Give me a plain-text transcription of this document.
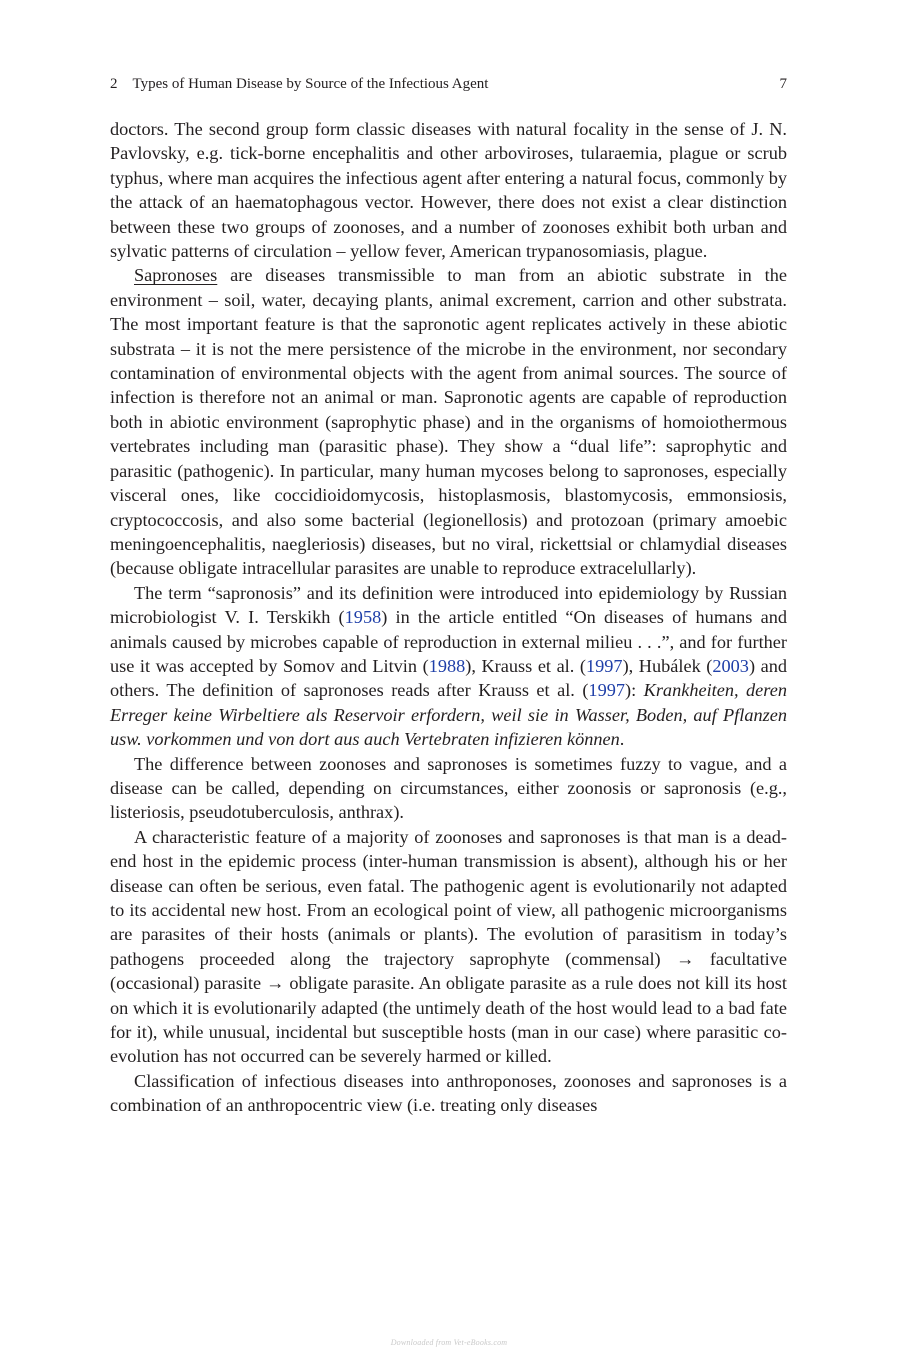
2 Types of Human Disease by Source of the Infectious Agent	7

doctors. The second group form classic diseases with natural focality in the sense of J. N. Pavlovsky, e.g. tick-borne encephalitis and other arboviroses, tularaemia, plague or scrub typhus, where man acquires the infectious agent after entering a natural focus, commonly by the attack of an haematophagous vector. However, there does not exist a clear distinction between these two groups of zoonoses, and a number of zoonoses exhibit both urban and sylvatic patterns of circulation – yellow fever, American trypanosomiasis, plague.

Sapronoses are diseases transmissible to man from an abiotic substrate in the environment – soil, water, decaying plants, animal excrement, carrion and other substrata. The most important feature is that the sapronotic agent replicates actively in these abiotic substrata – it is not the mere persistence of the microbe in the environment, nor secondary contamination of environmental objects with the agent from animal sources. The source of infection is therefore not an animal or man. Sapronotic agents are capable of reproduction both in abiotic environment (saprophytic phase) and in the organisms of homoiothermous vertebrates including man (parasitic phase). They show a “dual life”: saprophytic and parasitic (pathogenic). In particular, many human mycoses belong to sapronoses, especially visceral ones, like coccidioidomycosis, histoplasmosis, blastomycosis, emmonsiosis, cryptococcosis, and also some bacterial (legionellosis) and protozoan (primary amoebic meningoencephalitis, naegleriosis) diseases, but no viral, rickettsial or chlamydial diseases (because obligate intracellular parasites are unable to reproduce extracelullarly).

The term “sapronosis” and its definition were introduced into epidemiology by Russian microbiologist V. I. Terskikh (1958) in the article entitled “On diseases of humans and animals caused by microbes capable of reproduction in external milieu . . .”, and for further use it was accepted by Somov and Litvin (1988), Krauss et al. (1997), Hubálek (2003) and others. The definition of sapronoses reads after Krauss et al. (1997): Krankheiten, deren Erreger keine Wirbeltiere als Reservoir erfordern, weil sie in Wasser, Boden, auf Pflanzen usw. vorkommen und von dort aus auch Vertebraten infizieren können.

The difference between zoonoses and sapronoses is sometimes fuzzy to vague, and a disease can be called, depending on circumstances, either zoonosis or sapronosis (e.g., listeriosis, pseudotuberculosis, anthrax).

A characteristic feature of a majority of zoonoses and sapronoses is that man is a dead-end host in the epidemic process (inter-human transmission is absent), although his or her disease can often be serious, even fatal. The pathogenic agent is evolutionarily not adapted to its accidental new host. From an ecological point of view, all pathogenic microorganisms are parasites of their hosts (animals or plants). The evolution of parasitism in today’s pathogens proceeded along the trajectory saprophyte (commensal) → facultative (occasional) parasite → obligate parasite. An obligate parasite as a rule does not kill its host on which it is evolutionarily adapted (the untimely death of the host would lead to a bad fate for it), while unusual, incidental but susceptible hosts (man in our case) where parasitic co-evolution has not occurred can be severely harmed or killed.

Classification of infectious diseases into anthroponoses, zoonoses and sapronoses is a combination of an anthropocentric view (i.e. treating only diseases

Downloaded from Vet-eBooks.com
